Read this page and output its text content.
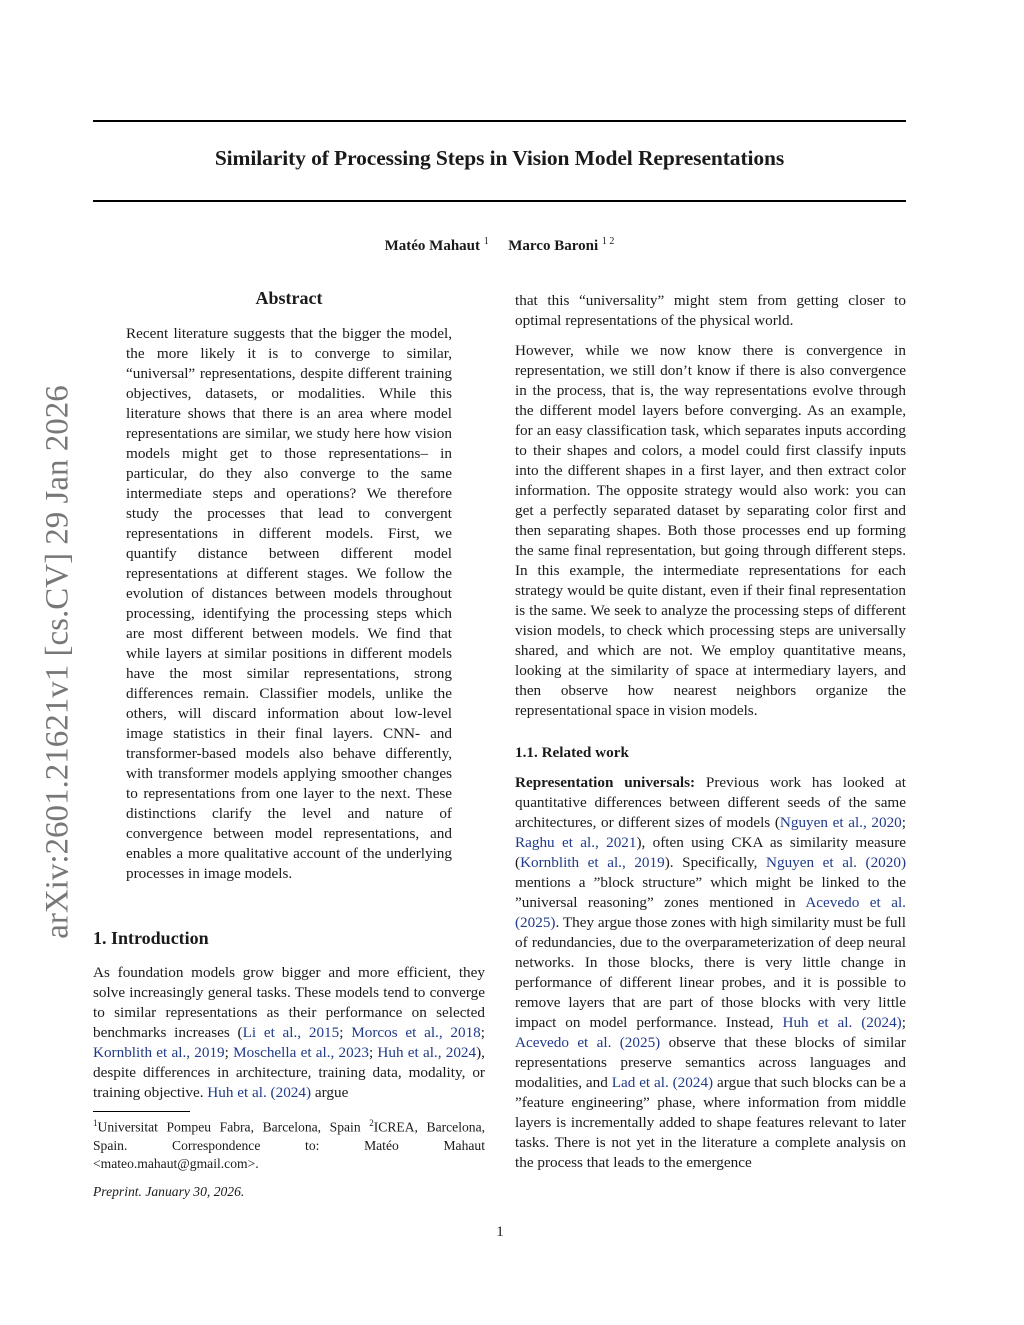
Similarity of Processing Steps in Vision Model Representations
Matéo Mahaut $^1$ Marco Baroni $^{1 2}$
arXiv:2601.21621v1 [cs.CV] 29 Jan 2026
Abstract
Recent literature suggests that the bigger the model, the more likely it is to converge to similar, “universal” representations, despite different training objectives, datasets, or modalities. While this literature shows that there is an area where model representations are similar, we study here how vision models might get to those representations– in particular, do they also converge to the same intermediate steps and operations? We therefore study the processes that lead to convergent representations in different models. First, we quantify distance between different model representations at different stages. We follow the evolution of distances between models throughout processing, identifying the processing steps which are most different between models. We find that while layers at similar positions in different models have the most similar representations, strong differences remain. Classifier models, unlike the others, will discard information about low-level image statistics in their final layers. CNN- and transformer-based models also behave differently, with transformer models applying smoother changes to representations from one layer to the next. These distinctions clarify the level and nature of convergence between model representations, and enables a more qualitative account of the underlying processes in image models.
1. Introduction
As foundation models grow bigger and more efficient, they solve increasingly general tasks. These models tend to converge to similar representations as their performance on selected benchmarks increases (Li et al., 2015; Morcos et al., 2018; Kornblith et al., 2019; Moschella et al., 2023; Huh et al., 2024), despite differences in architecture, training data, modality, or training objective. Huh et al. (2024) argue
$^1$Universitat Pompeu Fabra, Barcelona, Spain $^2$ICREA, Barcelona, Spain. Correspondence to: Matéo Mahaut <mateo.mahaut@gmail.com>.
Preprint. January 30, 2026.

that this “universality” might stem from getting closer to optimal representations of the physical world.

However, while we now know there is convergence in representation, we still don’t know if there is also convergence in the process, that is, the way representations evolve through the different model layers before converging. As an example, for an easy classification task, which separates inputs according to their shapes and colors, a model could first classify inputs into the different shapes in a first layer, and then extract color information. The opposite strategy would also work: you can get a perfectly separated dataset by separating color first and then separating shapes. Both those processes end up forming the same final representation, but going through different steps. In this example, the intermediate representations for each strategy would be quite distant, even if their final representation is the same. We seek to analyze the processing steps of different vision models, to check which processing steps are universally shared, and which are not. We employ quantitative means, looking at the similarity of space at intermediary layers, and then observe how nearest neighbors organize the representational space in vision models.

1.1. Related work

Representation universals: Previous work has looked at quantitative differences between different seeds of the same architectures, or different sizes of models (Nguyen et al., 2020; Raghu et al., 2021), often using CKA as similarity measure (Kornblith et al., 2019). Specifically, Nguyen et al. (2020) mentions a ”block structure” which might be linked to the ”universal reasoning” zones mentioned in Acevedo et al. (2025). They argue those zones with high similarity must be full of redundancies, due to the overparameterization of deep neural networks. In those blocks, there is very little change in performance of different linear probes, and it is possible to remove layers that are part of those blocks with very little impact on model performance. Instead, Huh et al. (2024); Acevedo et al. (2025) observe that these blocks of similar representations preserve semantics across languages and modalities, and Lad et al. (2024) argue that such blocks can be a ”feature engineering” phase, where information from middle layers is incrementally added to shape features relevant to later tasks. There is not yet in the literature a complete analysis on the process that leads to the emergence

1
